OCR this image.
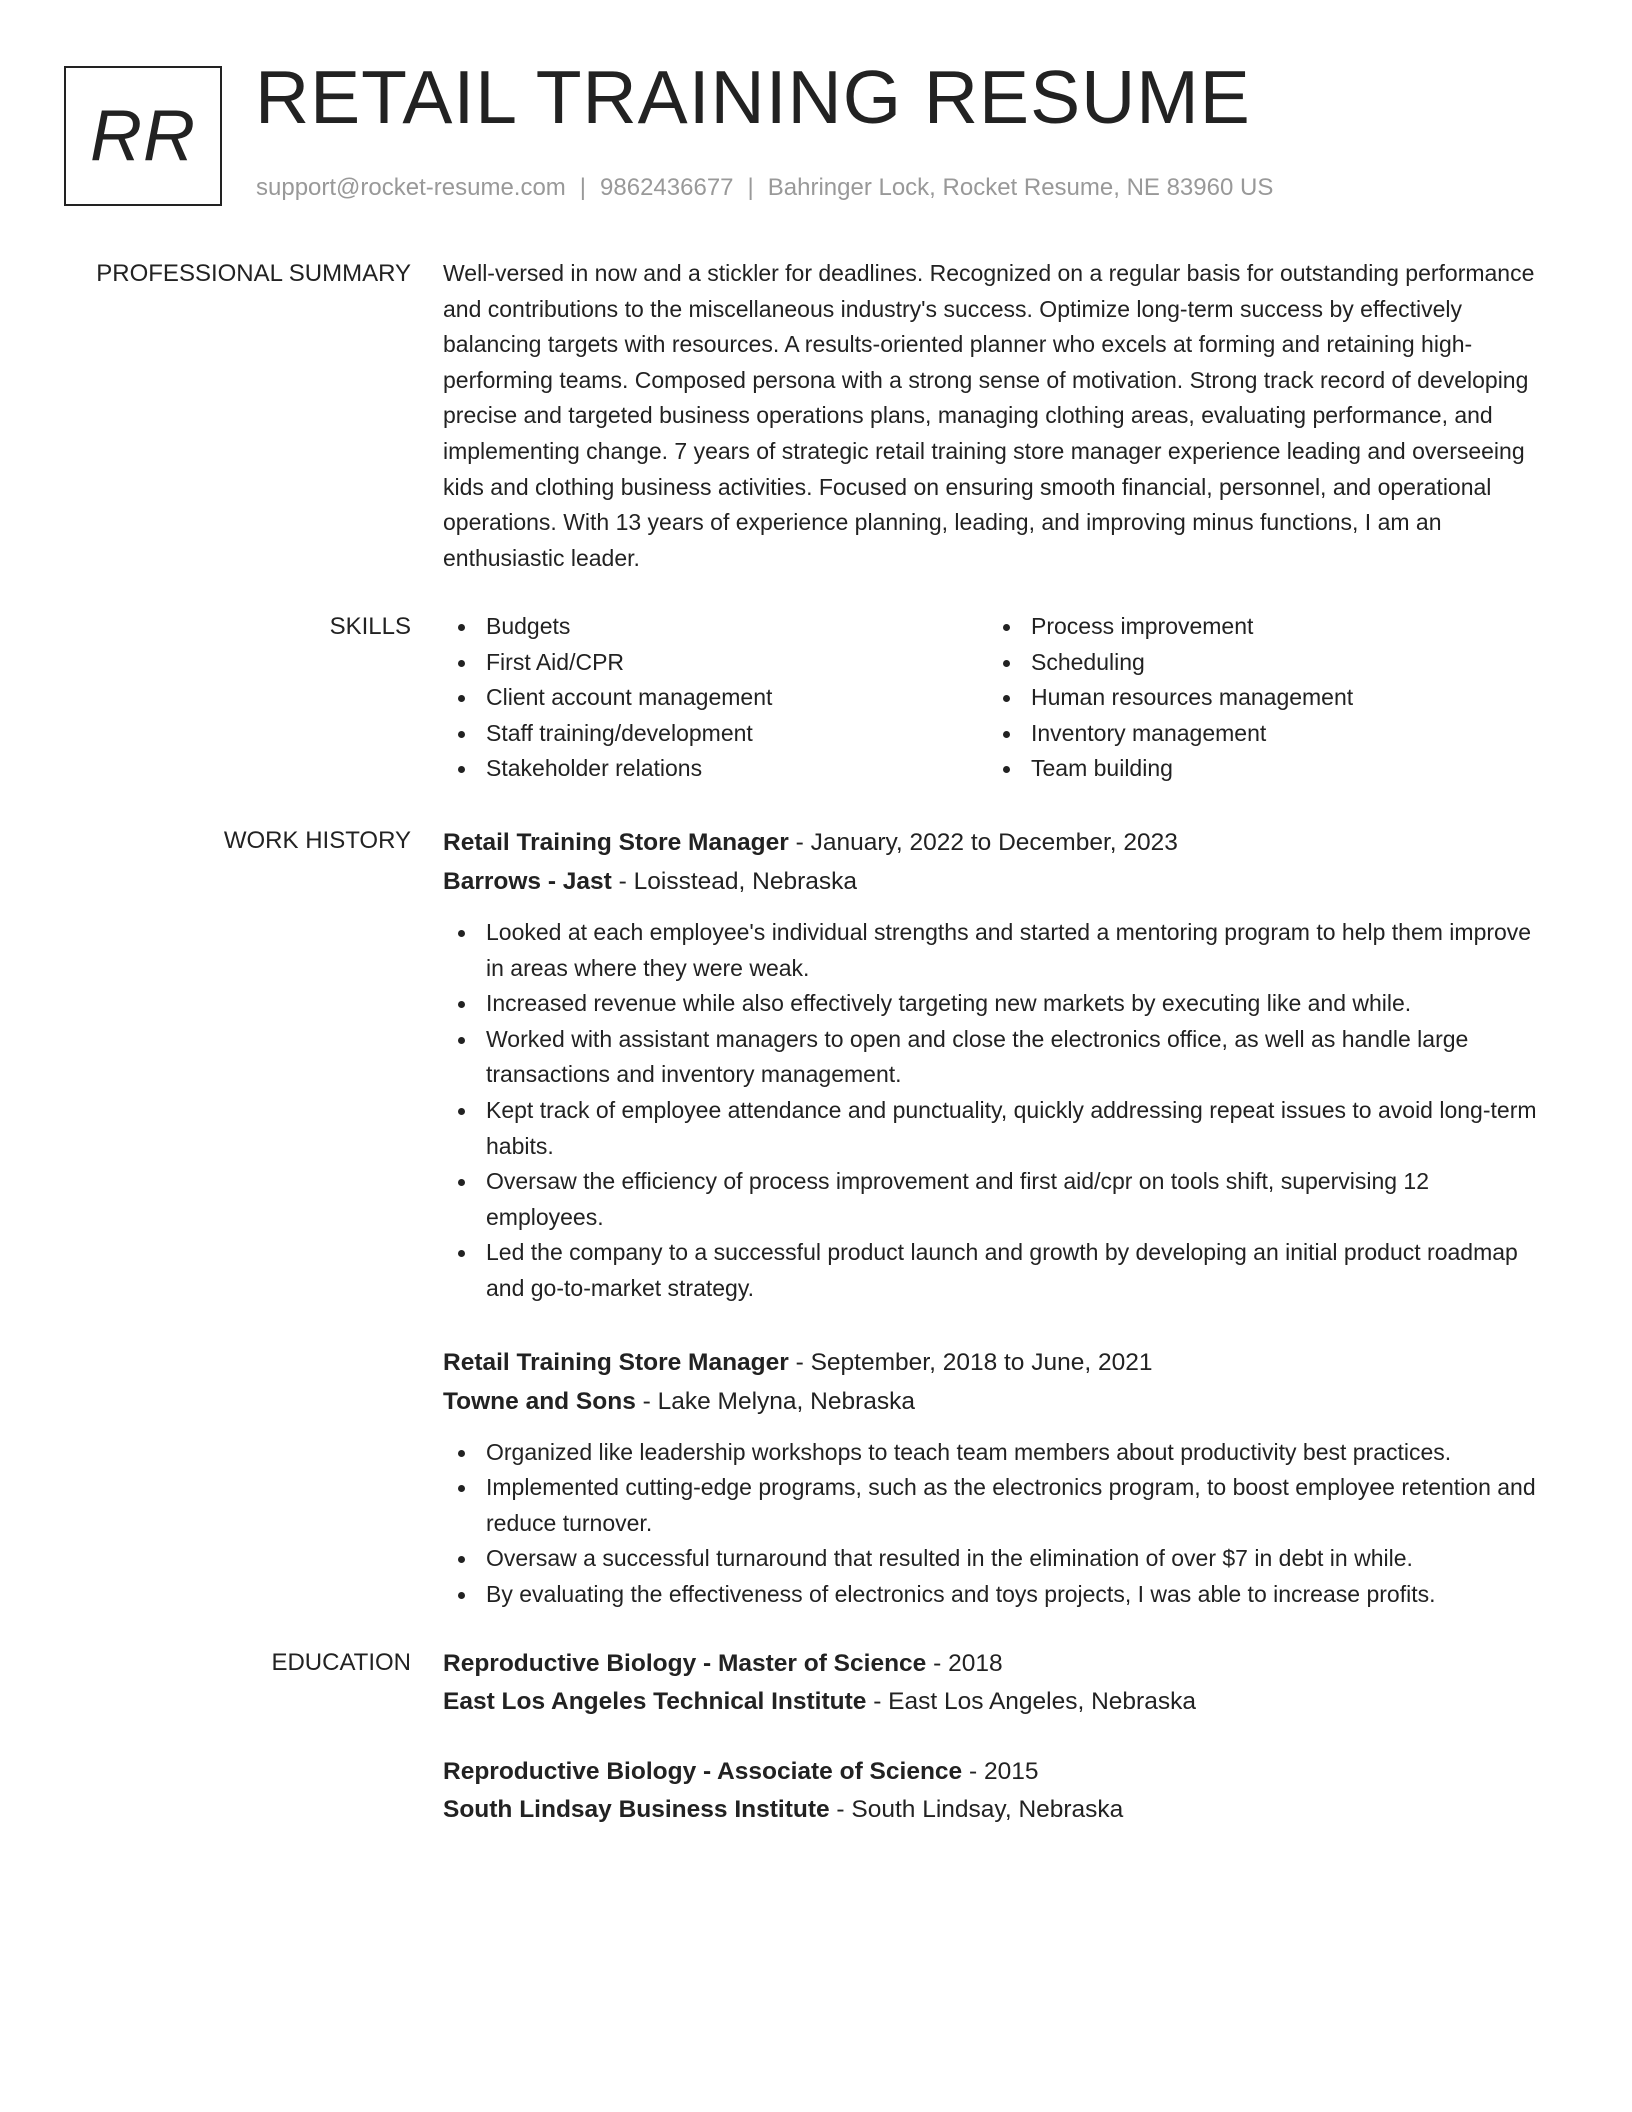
RR RETAIL TRAINING RESUME
support@rocket-resume.com | 9862436677 | Bahringer Lock, Rocket Resume, NE 83960 US
PROFESSIONAL SUMMARY Well-versed in now and a stickler for deadlines. Recognized on a regular basis for outstanding performance and contributions to the miscellaneous industry's success. Optimize long-term success by effectively balancing targets with resources. A results-oriented planner who excels at forming and retaining high-performing teams. Composed persona with a strong sense of motivation. Strong track record of developing precise and targeted business operations plans, managing clothing areas, evaluating performance, and implementing change. 7 years of strategic retail training store manager experience leading and overseeing kids and clothing business activities. Focused on ensuring smooth financial, personnel, and operational operations. With 13 years of experience planning, leading, and improving minus functions, I am an enthusiastic leader.

SKILLS	Budgets
First Aid/CPR
Client account management
Staff training/development
Stakeholder relations
Process improvement
Scheduling
Human resources management
Inventory management
Team building
WORK HISTORY Retail Training Store Manager - January, 2022 to December, 2023
Barrows - Jast - Loisstead, Nebraska
Looked at each employee's individual strengths and started a mentoring program to help them improve in areas where they were weak.
Increased revenue while also effectively targeting new markets by executing like and while.
Worked with assistant managers to open and close the electronics office, as well as handle large transactions and inventory management.
Kept track of employee attendance and punctuality, quickly addressing repeat issues to avoid long-term habits.
Oversaw the efficiency of process improvement and first aid/cpr on tools shift, supervising 12 employees.
Led the company to a successful product launch and growth by developing an initial product roadmap and go-to-market strategy.
Retail Training Store Manager - September, 2018 to June, 2021
Towne and Sons - Lake Melyna, Nebraska
Organized like leadership workshops to teach team members about productivity best practices.
Implemented cutting-edge programs, such as the electronics program, to boost employee retention and reduce turnover.
Oversaw a successful turnaround that resulted in the elimination of over $7 in debt in while.
By evaluating the effectiveness of electronics and toys projects, I was able to increase profits.
EDUCATION Reproductive Biology - Master of Science - 2018
East Los Angeles Technical Institute - East Los Angeles, Nebraska
Reproductive Biology - Associate of Science - 2015
South Lindsay Business Institute - South Lindsay, Nebraska
